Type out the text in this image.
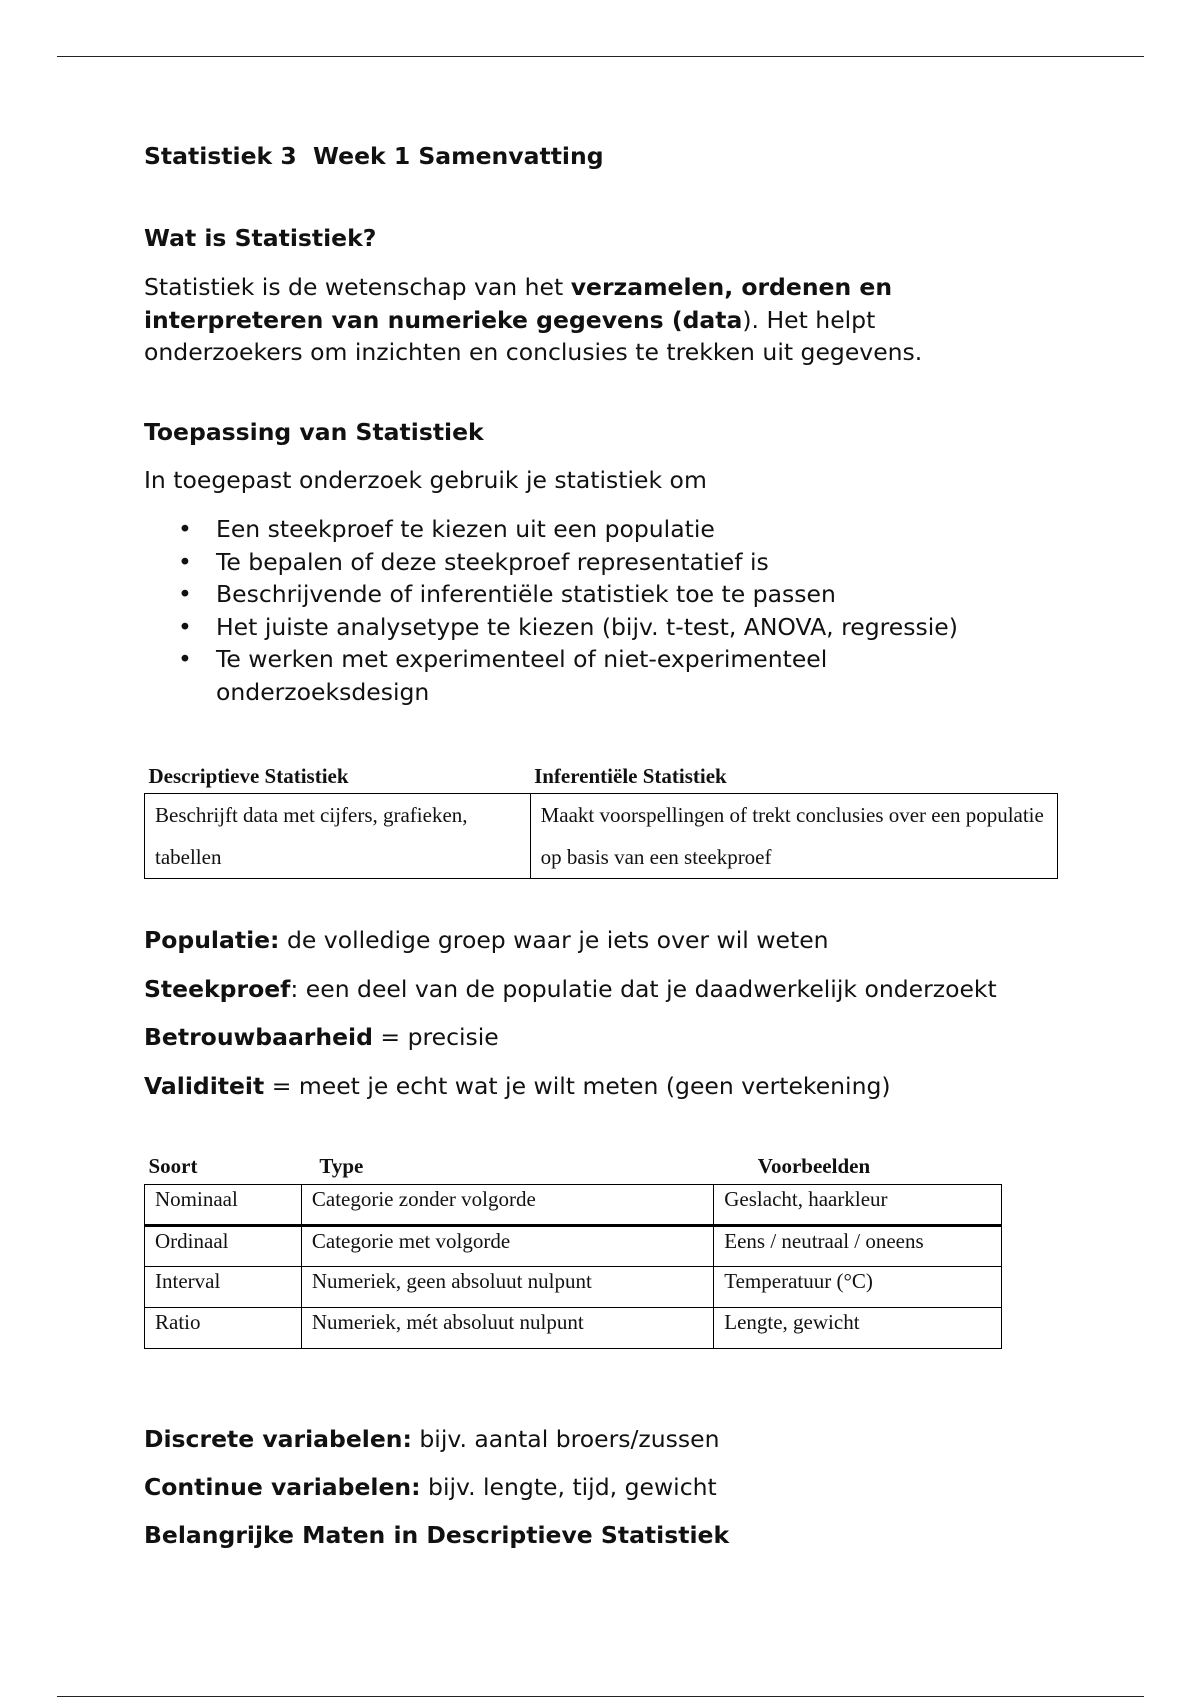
Statistiek 3  Week 1 Samenvatting
Wat is Statistiek?
Statistiek is de wetenschap van het verzamelen, ordenen en interpreteren van numerieke gegevens (data). Het helpt onderzoekers om inzichten en conclusies te trekken uit gegevens.
Toepassing van Statistiek
In toegepast onderzoek gebruik je statistiek om
• Een steekproef te kiezen uit een populatie
• Te bepalen of deze steekproef representatief is
• Beschrijvende of inferentiële statistiek toe te passen
• Het juiste analysetype te kiezen (bijv. t-test, ANOVA, regressie)
• Te werken met experimenteel of niet-experimenteel onderzoeksdesign
Descriptieve Statistiek	Inferentiële Statistiek
Beschrijft data met cijfers, grafieken, tabellen	Maakt voorspellingen of trekt conclusies over een populatie op basis van een steekproef
Populatie: de volledige groep waar je iets over wil weten
Steekproef: een deel van de populatie dat je daadwerkelijk onderzoekt
Betrouwbaarheid = precisie
Validiteit = meet je echt wat je wilt meten (geen vertekening)
Soort	Type	Voorbeelden
Nominaal	Categorie zonder volgorde	Geslacht, haarkleur
Ordinaal	Categorie met volgorde	Eens / neutraal / oneens
Interval	Numeriek, geen absoluut nulpunt	Temperatuur (°C)
Ratio	Numeriek, mét absoluut nulpunt	Lengte, gewicht
Discrete variabelen: bijv. aantal broers/zussen
Continue variabelen: bijv. lengte, tijd, gewicht
Belangrijke Maten in Descriptieve Statistiek
